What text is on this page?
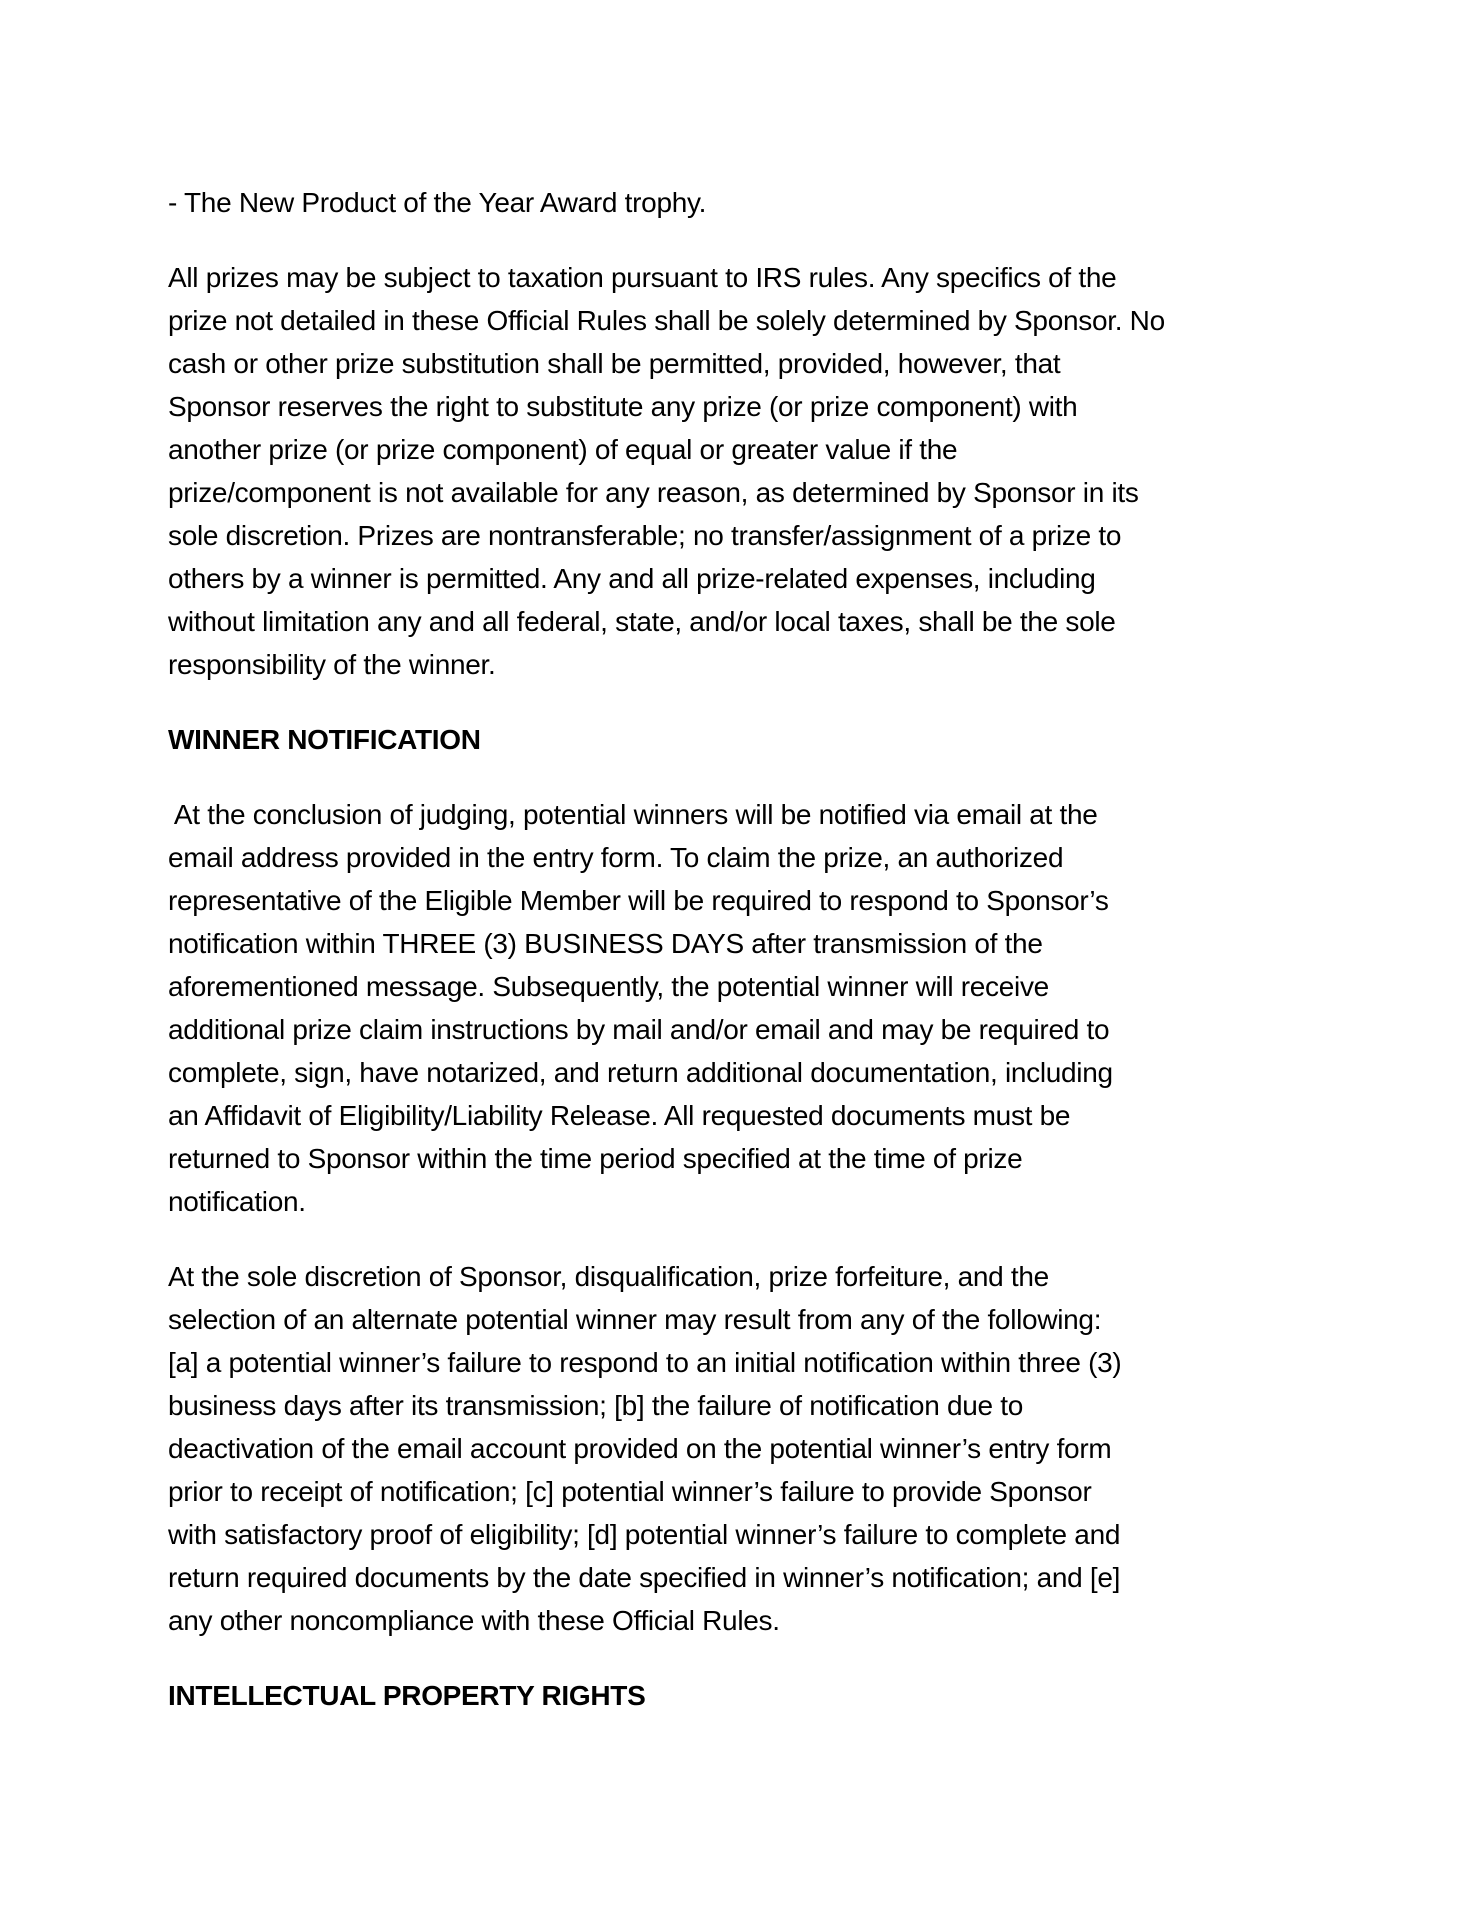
- The New Product of the Year Award trophy.
All prizes may be subject to taxation pursuant to IRS rules. Any specifics of the
prize not detailed in these Official Rules shall be solely determined by Sponsor. No
cash or other prize substitution shall be permitted, provided, however, that
Sponsor reserves the right to substitute any prize (or prize component) with
another prize (or prize component) of equal or greater value if the
prize/component is not available for any reason, as determined by Sponsor in its
sole discretion. Prizes are nontransferable; no transfer/assignment of a prize to
others by a winner is permitted. Any and all prize-related expenses, including
without limitation any and all federal, state, and/or local taxes, shall be the sole
responsibility of the winner.
WINNER NOTIFICATION
At the conclusion of judging, potential winners will be notified via email at the
email address provided in the entry form. To claim the prize, an authorized
representative of the Eligible Member will be required to respond to Sponsor’s
notification within THREE (3) BUSINESS DAYS after transmission of the
aforementioned message. Subsequently, the potential winner will receive
additional prize claim instructions by mail and/or email and may be required to
complete, sign, have notarized, and return additional documentation, including
an Affidavit of Eligibility/Liability Release. All requested documents must be
returned to Sponsor within the time period specified at the time of prize
notification.
At the sole discretion of Sponsor, disqualification, prize forfeiture, and the
selection of an alternate potential winner may result from any of the following:
[a] a potential winner’s failure to respond to an initial notification within three (3)
business days after its transmission; [b] the failure of notification due to
deactivation of the email account provided on the potential winner’s entry form
prior to receipt of notification; [c] potential winner’s failure to provide Sponsor
with satisfactory proof of eligibility; [d] potential winner’s failure to complete and
return required documents by the date specified in winner’s notification; and [e]
any other noncompliance with these Official Rules.
INTELLECTUAL PROPERTY RIGHTS
